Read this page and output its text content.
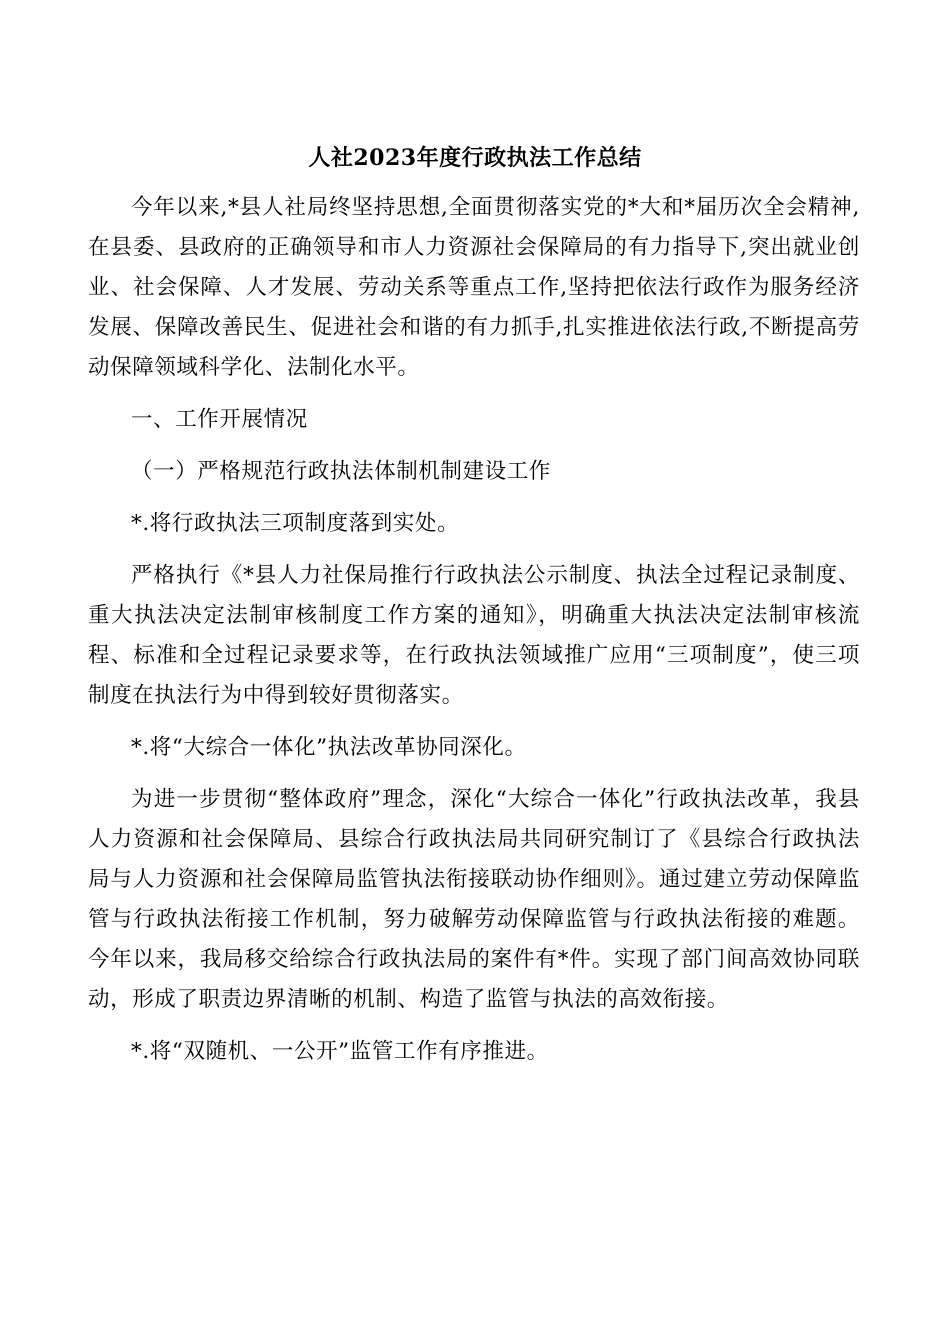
人社2023年度行政执法工作总结

今年以来,*县人社局终坚持思想,全面贯彻落实党的*大和*届历次全会精神,在县委、县政府的正确领导和市人力资源社会保障局的有力指导下,突出就业创业、社会保障、人才发展、劳动关系等重点工作,坚持把依法行政作为服务经济发展、保障改善民生、促进社会和谐的有力抓手,扎实推进依法行政,不断提高劳动保障领域科学化、法制化水平。

一、工作开展情况

（一）严格规范行政执法体制机制建设工作

*.将行政执法三项制度落到实处。

严格执行《*县人力社保局推行行政执法公示制度、执法全过程记录制度、重大执法决定法制审核制度工作方案的通知》，明确重大执法决定法制审核流程、标准和全过程记录要求等，在行政执法领域推广应用“三项制度”，使三项制度在执法行为中得到较好贯彻落实。

*.将“大综合一体化”执法改革协同深化。

为进一步贯彻“整体政府”理念，深化“大综合一体化”行政执法改革，我县人力资源和社会保障局、县综合行政执法局共同研究制订了《县综合行政执法局与人力资源和社会保障局监管执法衔接联动协作细则》。通过建立劳动保障监管与行政执法衔接工作机制，努力破解劳动保障监管与行政执法衔接的难题。今年以来，我局移交给综合行政执法局的案件有*件。实现了部门间高效协同联动，形成了职责边界清晰的机制、构造了监管与执法的高效衔接。

*.将“双随机、一公开”监管工作有序推进。
